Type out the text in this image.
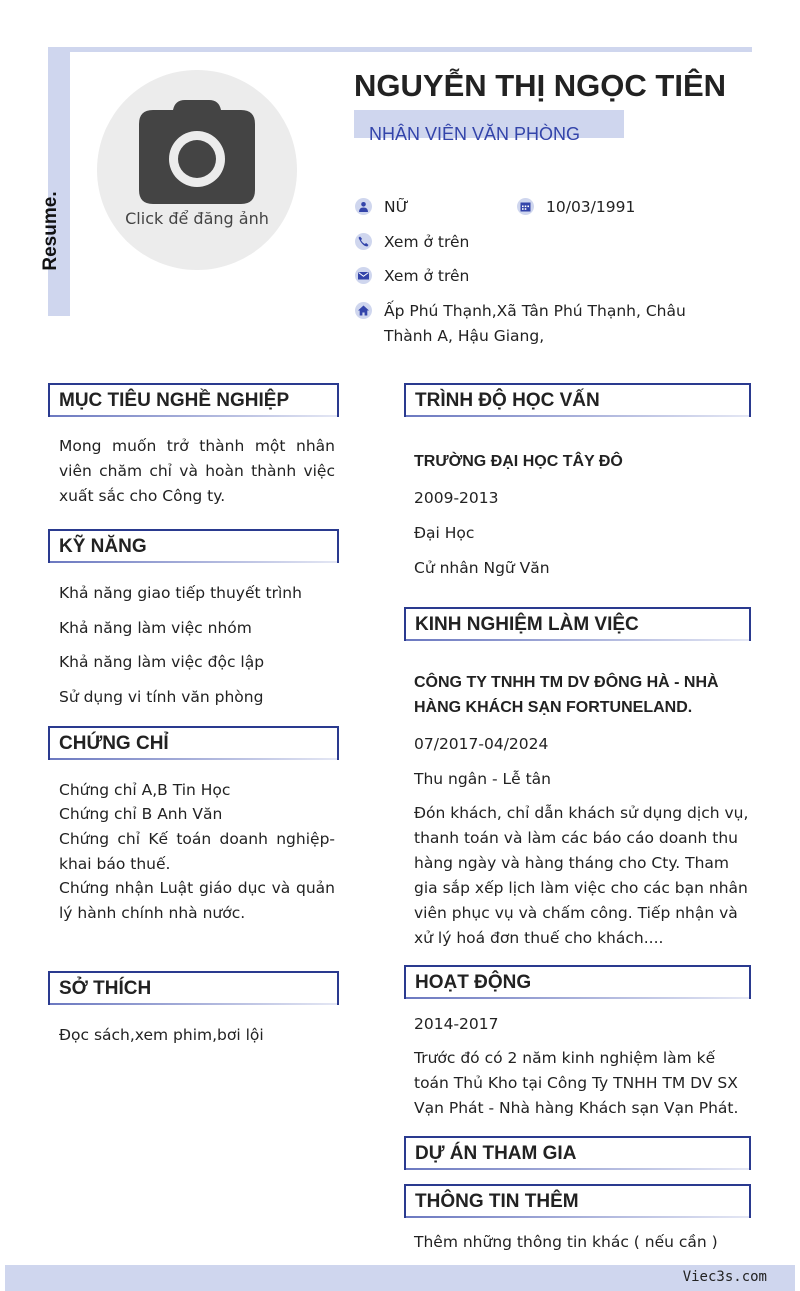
Resume.	Click để đăng ảnh
NGUYỄN THỊ NGỌC TIÊN
NHÂN VIÊN VĂN PHÒNG
NỮ	10/03/1991
Xem ở trên
Xem ở trên
Ấp Phú Thạnh,Xã Tân Phú Thạnh, Châu Thành A, Hậu Giang,
MỤC TIÊU NGHỀ NGHIỆP
Mong muốn trở thành một nhân viên chăm chỉ và hoàn thành việc xuất sắc cho Công ty.
KỸ NĂNG
Khả năng giao tiếp thuyết trình
Khả năng làm việc nhóm
Khả năng làm việc độc lập
Sử dụng vi tính văn phòng
CHỨNG CHỈ
Chứng chỉ A,B Tin Học
Chứng chỉ B Anh Văn
Chứng chỉ Kế toán doanh nghiệp-khai báo thuế.
Chứng nhận Luật giáo dục và quản lý hành chính nhà nước.
SỞ THÍCH
Đọc sách,xem phim,bơi lội
TRÌNH ĐỘ HỌC VẤN
TRƯỜNG ĐẠI HỌC TÂY ĐÔ
2009-2013
Đại Học
Cử nhân Ngữ Văn
KINH NGHIỆM LÀM VIỆC
CÔNG TY TNHH TM DV ĐÔNG HÀ - NHÀ HÀNG KHÁCH SẠN FORTUNELAND.
07/2017-04/2024
Thu ngân - Lễ tân
Đón khách, chỉ dẫn khách sử dụng dịch vụ, thanh toán và làm các báo cáo doanh thu hàng ngày và hàng tháng cho Cty. Tham gia sắp xếp lịch làm việc cho các bạn nhân viên phục vụ và chấm công. Tiếp nhận và xử lý hoá đơn thuế cho khách....
HOẠT ĐỘNG
2014-2017
Trước đó có 2 năm kinh nghiệm làm kế toán Thủ Kho tại Công Ty TNHH TM DV SX Vạn Phát - Nhà hàng Khách sạn Vạn Phát.
DỰ ÁN THAM GIA
THÔNG TIN THÊM
Thêm những thông tin khác ( nếu cần )
Viec3s.com
